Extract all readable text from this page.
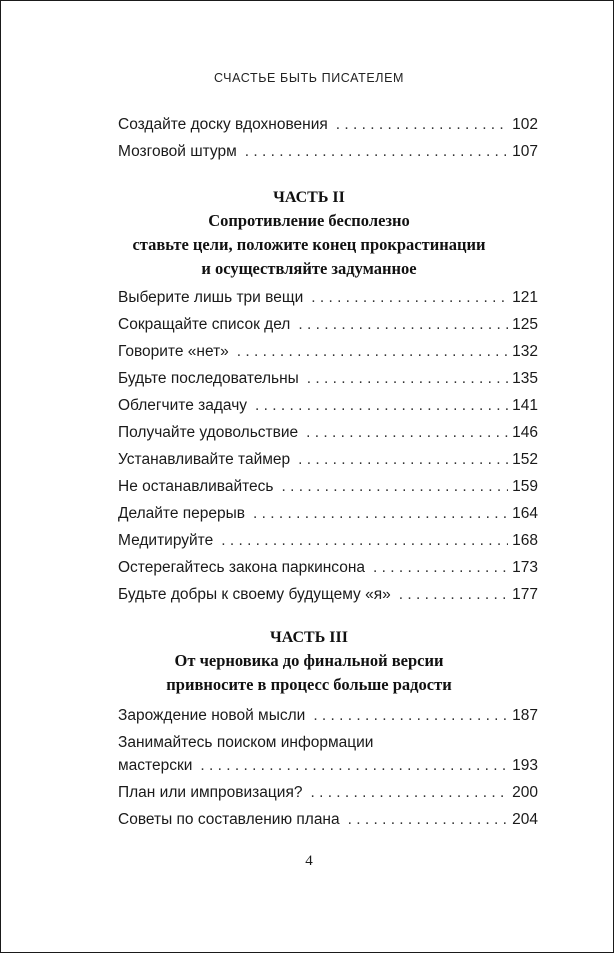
СЧАСТЬЕ БЫТЬ ПИСАТЕЛЕМ
Создайте доску вдохновения . . .	102
Мозговой штурм . . .	107
ЧАСТЬ II
Сопротивление бесполезно
ставьте цели, положите конец прокрастинации
и осуществляйте задуманное
Выберите лишь три вещи . . .	121
Сокращайте список дел . . .	125
Говорите «нет» . . .	132
Будьте последовательны . . .	135
Облегчите задачу . . .	141
Получайте удовольствие . . .	146
Устанавливайте таймер . . .	152
Не останавливайтесь . . .	159
Делайте перерыв . . .	164
Медитируйте . . .	168
Остерегайтесь закона паркинсона . . .	173
Будьте добры к своему будущему «я» . . .	177
ЧАСТЬ III
От черновика до финальной версии
привносите в процесс больше радости
Зарождение новой мысли . . .	187
Занимайтесь поиском информации
мастерски . . .	193
План или импровизация? . . .	200
Советы по составлению плана . . .	204
4
